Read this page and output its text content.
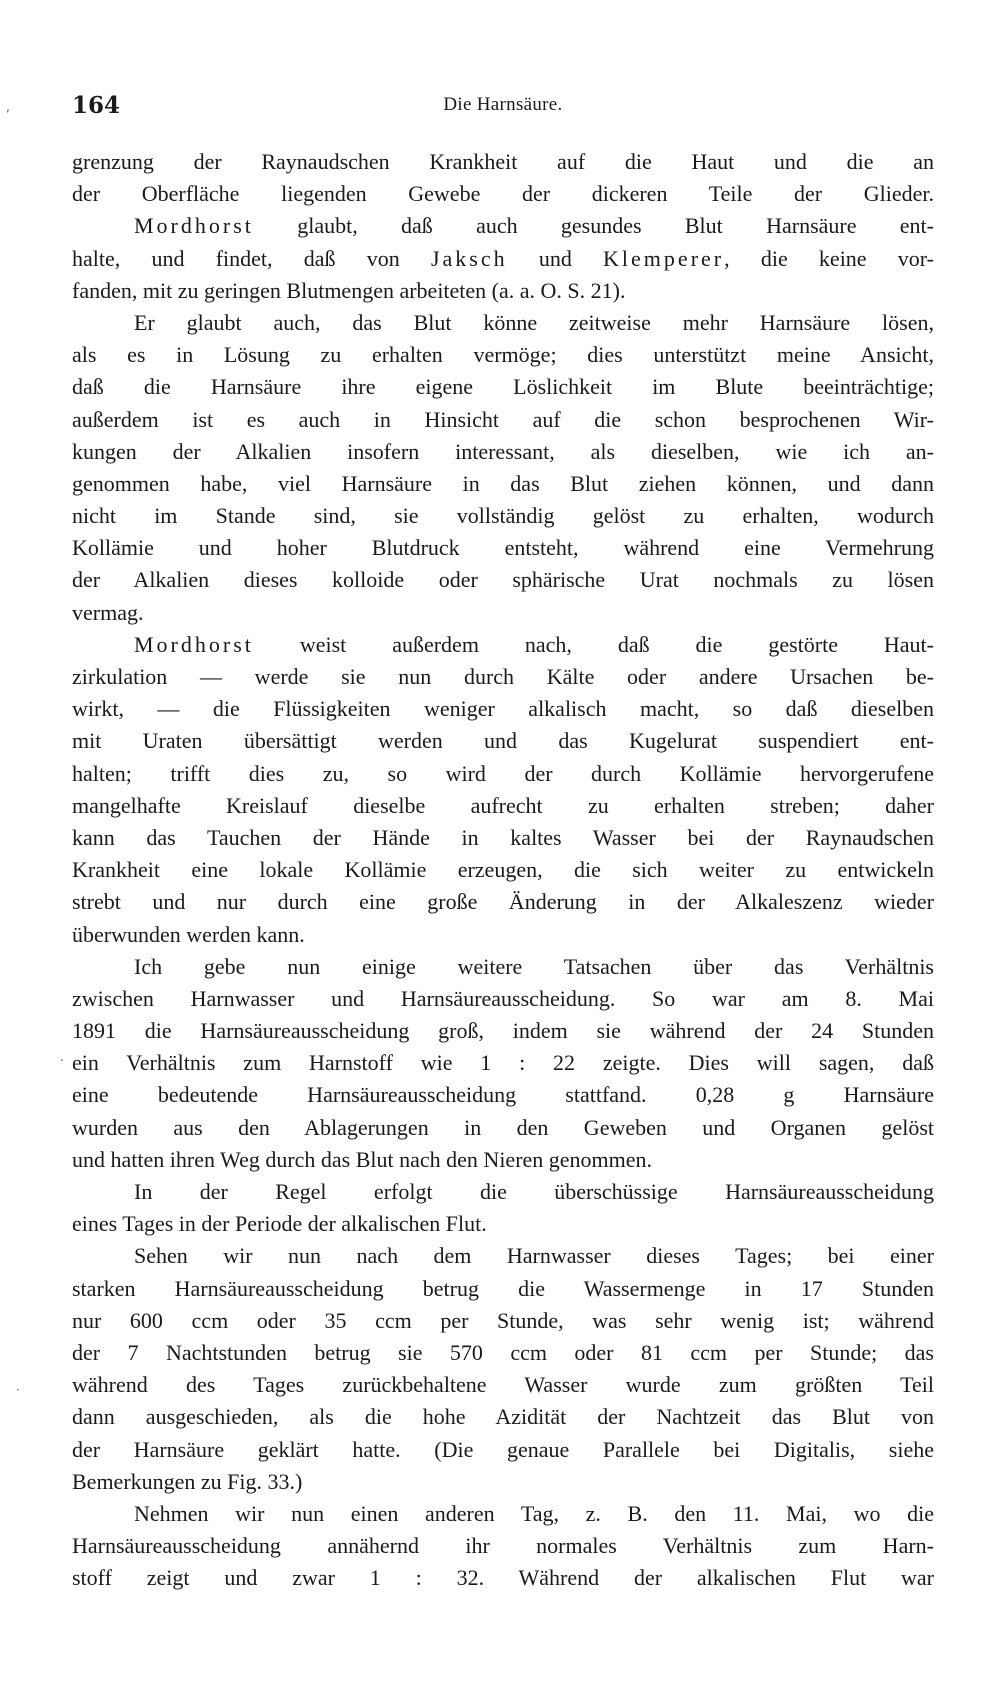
164	Die Harnsäure.
grenzung der Raynaudschen Krankheit auf die Haut und die an
der Oberfläche liegenden Gewebe der dickeren Teile der Glieder.
Mordhorst glaubt, daß auch gesundes Blut Harnsäure ent-
halte, und findet, daß von Jaksch und Klemperer, die keine vor-
fanden, mit zu geringen Blutmengen arbeiteten (a. a. O. S. 21).
Er glaubt auch, das Blut könne zeitweise mehr Harnsäure lösen,
als es in Lösung zu erhalten vermöge; dies unterstützt meine Ansicht,
daß die Harnsäure ihre eigene Löslichkeit im Blute beeinträchtige;
außerdem ist es auch in Hinsicht auf die schon besprochenen Wir-
kungen der Alkalien insofern interessant, als dieselben, wie ich an-
genommen habe, viel Harnsäure in das Blut ziehen können, und dann
nicht im Stande sind, sie vollständig gelöst zu erhalten, wodurch
Kollämie und hoher Blutdruck entsteht, während eine Vermehrung
der Alkalien dieses kolloide oder sphärische Urat nochmals zu lösen
vermag.
Mordhorst weist außerdem nach, daß die gestörte Haut-
zirkulation — werde sie nun durch Kälte oder andere Ursachen be-
wirkt, — die Flüssigkeiten weniger alkalisch macht, so daß dieselben
mit Uraten übersättigt werden und das Kugelurat suspendiert ent-
halten; trifft dies zu, so wird der durch Kollämie hervorgerufene
mangelhafte Kreislauf dieselbe aufrecht zu erhalten streben; daher
kann das Tauchen der Hände in kaltes Wasser bei der Raynaudschen
Krankheit eine lokale Kollämie erzeugen, die sich weiter zu entwickeln
strebt und nur durch eine große Änderung in der Alkaleszenz wieder
überwunden werden kann.
Ich gebe nun einige weitere Tatsachen über das Verhältnis
zwischen Harnwasser und Harnsäureausscheidung. So war am 8. Mai
1891 die Harnsäureausscheidung groß, indem sie während der 24 Stunden
ein Verhältnis zum Harnstoff wie 1 : 22 zeigte. Dies will sagen, daß
eine bedeutende Harnsäureausscheidung stattfand. 0,28 g Harnsäure
wurden aus den Ablagerungen in den Geweben und Organen gelöst
und hatten ihren Weg durch das Blut nach den Nieren genommen.
In der Regel erfolgt die überschüssige Harnsäureausscheidung
eines Tages in der Periode der alkalischen Flut.
Sehen wir nun nach dem Harnwasser dieses Tages; bei einer
starken Harnsäureausscheidung betrug die Wassermenge in 17 Stunden
nur 600 ccm oder 35 ccm per Stunde, was sehr wenig ist; während
der 7 Nachtstunden betrug sie 570 ccm oder 81 ccm per Stunde; das
während des Tages zurückbehaltene Wasser wurde zum größten Teil
dann ausgeschieden, als die hohe Azidität der Nachtzeit das Blut von
der Harnsäure geklärt hatte. (Die genaue Parallele bei Digitalis, siehe
Bemerkungen zu Fig. 33.)
Nehmen wir nun einen anderen Tag, z. B. den 11. Mai, wo die
Harnsäureausscheidung annähernd ihr normales Verhältnis zum Harn-
stoff zeigt und zwar 1 : 32. Während der alkalischen Flut war
,
.
·
